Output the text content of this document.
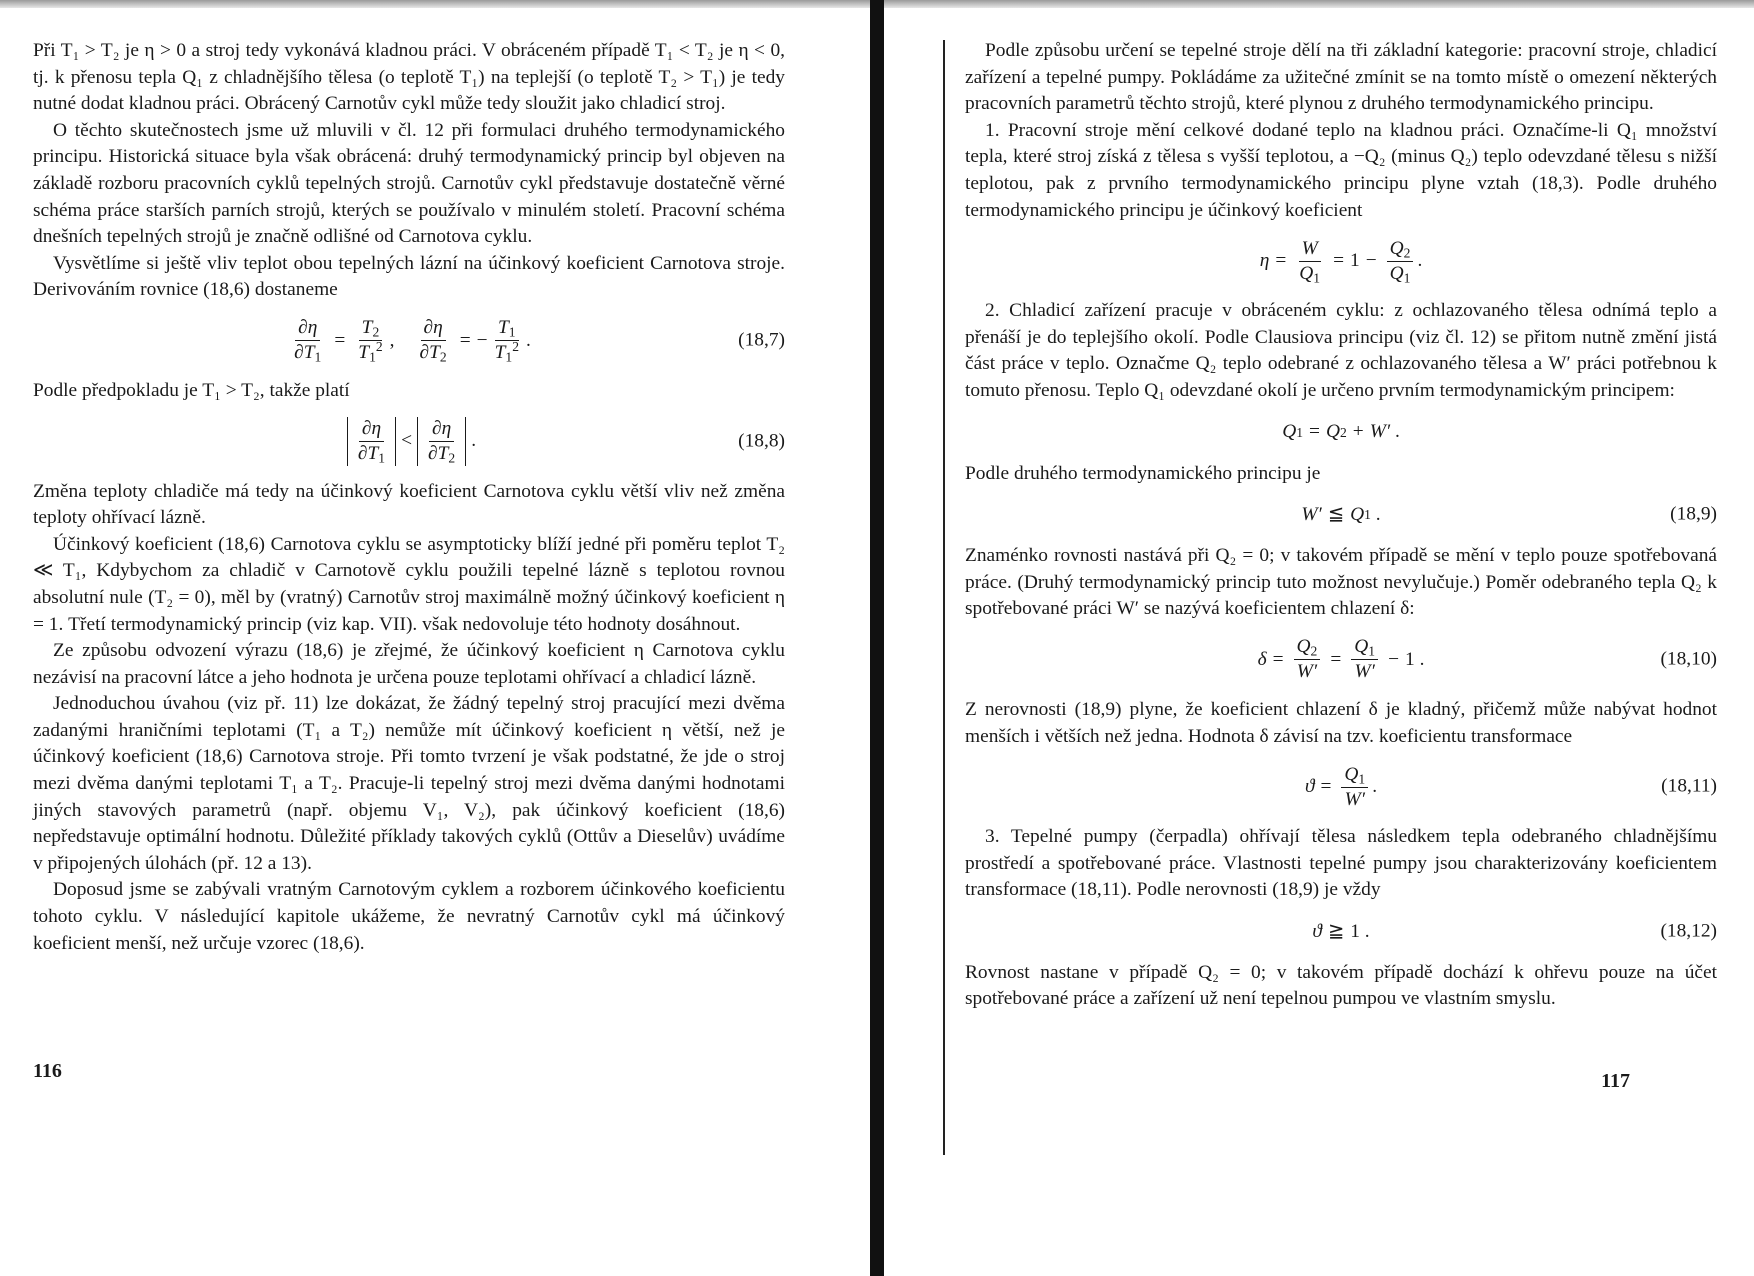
Při T₁ > T₂ je η > 0 a stroj tedy vykonává kladnou práci. V obráceném případě T₁ < T₂ je η < 0, tj. k přenosu tepla Q₁ z chladnějšího tělesa (o teplotě T₁) na teplejší (o teplotě T₂ > T₁) je tedy nutné dodat kladnou práci. Obrácený Carnotův cykl může tedy sloužit jako chladicí stroj.

O těchto skutečnostech jsme už mluvili v čl. 12 při formulaci druhého termodynamického principu. Historická situace byla však obrácená: druhý termodynamický princip byl objeven na základě rozboru pracovních cyklů tepelných strojů. Carnotův cykl představuje dostatečně věrné schéma práce starších parních strojů, kterých se používalo v minulém století. Pracovní schéma dnešních tepelných strojů je značně odlišné od Carnotova cyklu.

Vysvětlíme si ještě vliv teplot obou tepelných lázní na účinkový koeficient Carnotova stroje. Derivováním rovnice (18,6) dostaneme

$\frac{\partial\eta}{\partial T_1} = \frac{T_2}{T_1^2}$ , $\frac{\partial\eta}{\partial T_2}$ = − $\frac{T_1}{T_1^2}$ .	(18,7)

Podle předpokladu je T₁ > T₂, takže platí

$\frac{\partial\eta}{\partial T_1} < \frac{\partial\eta}{\partial T_2}$ .	(18,8)

Změna teploty chladiče má tedy na účinkový koeficient Carnotova cyklu větší vliv než změna teploty ohřívací lázně.

Účinkový koeficient (18,6) Carnotova cyklu se asymptoticky blíží jedné při poměru teplot T₂ ≪ T₁, Kdybychom za chladič v Carnotově cyklu použili tepelné lázně s teplotou rovnou absolutní nule (T₂ = 0), měl by (vratný) Carnotův stroj maximálně možný účinkový koeficient η = 1. Třetí termodynamický princip (viz kap. VII). však nedovoluje této hodnoty dosáhnout.

Ze způsobu odvození výrazu (18,6) je zřejmé, že účinkový koeficient η Carnotova cyklu nezávisí na pracovní látce a jeho hodnota je určena pouze teplotami ohřívací a chladicí lázně.

Jednoduchou úvahou (viz př. 11) lze dokázat, že žádný tepelný stroj pracující mezi dvěma zadanými hraničními teplotami (T₁ a T₂) nemůže mít účinkový koeficient η větší, než je účinkový koeficient (18,6) Carnotova stroje. Při tomto tvrzení je však podstatné, že jde o stroj mezi dvěma danými teplotami T₁ a T₂. Pracuje-li tepelný stroj mezi dvěma danými hodnotami jiných stavových parametrů (např. objemu V₁, V₂), pak účinkový koeficient (18,6) nepředstavuje optimální hodnotu. Důležité příklady takových cyklů (Ottův a Dieselův) uvádíme v připojených úlohách (př. 12 a 13).

Doposud jsme se zabývali vratným Carnotovým cyklem a rozborem účinkového koeficientu tohoto cyklu. V následující kapitole ukážeme, že nevratný Carnotův cykl má účinkový koeficient menší, než určuje vzorec (18,6).

116

Podle způsobu určení se tepelné stroje dělí na tři základní kategorie: pracovní stroje, chladicí zařízení a tepelné pumpy. Pokládáme za užitečné zmínit se na tomto místě o omezení některých pracovních parametrů těchto strojů, které plynou z druhého termodynamického principu.

1. Pracovní stroje mění celkové dodané teplo na kladnou práci. Označíme-li Q₁ množství tepla, které stroj získá z tělesa s vyšší teplotou, a −Q₂ (minus Q₂) teplo odevzdané tělesu s nižší teplotou, pak z prvního termodynamického principu plyne vztah (18,3). Podle druhého termodynamického principu je účinkový koeficient

$\eta = \frac{W}{Q_1} = 1 - \frac{Q_2}{Q_1}$ .

2. Chladicí zařízení pracuje v obráceném cyklu: z ochlazovaného tělesa odnímá teplo a přenáší je do teplejšího okolí. Podle Clausiova principu (viz čl. 12) se přitom nutně změní jistá část práce v teplo. Označme Q₂ teplo odebrané z ochlazovaného tělesa a W′ práci potřebnou k tomuto přenosu. Teplo Q₁ odevzdané okolí je určeno prvním termodynamickým principem:

Q 1 = Q 2 + W′ .

Podle druhého termodynamického principu je

W′ ≦ Q 1 .	(18,9)

Znaménko rovnosti nastává při Q₂ = 0; v takovém případě se mění v teplo pouze spotřebovaná práce. (Druhý termodynamický princip tuto možnost nevylučuje.) Poměr odebraného tepla Q₂ k spotřebované práci W′ se nazývá koeficientem chlazení δ:

$\delta = \frac{Q_2}{W'} = \frac{Q_1}{W'} - 1$ .	(18,10)

Z nerovnosti (18,9) plyne, že koeficient chlazení δ je kladný, přičemž může nabývat hodnot menších i větších než jedna. Hodnota δ závisí na tzv. koeficientu transformace

$ϑ = \frac{Q_1}{W'}$ .	(18,11)

3. Tepelné pumpy (čerpadla) ohřívají tělesa následkem tepla odebraného chladnějšímu prostředí a spotřebované práce. Vlastnosti tepelné pumpy jsou charakterizovány koeficientem transformace (18,11). Podle nerovnosti (18,9) je vždy

ϑ ≧ 1 .	(18,12)

Rovnost nastane v případě Q₂ = 0; v takovém případě dochází k ohřevu pouze na účet spotřebované práce a zařízení už není tepelnou pumpou ve vlastním smyslu.

117
